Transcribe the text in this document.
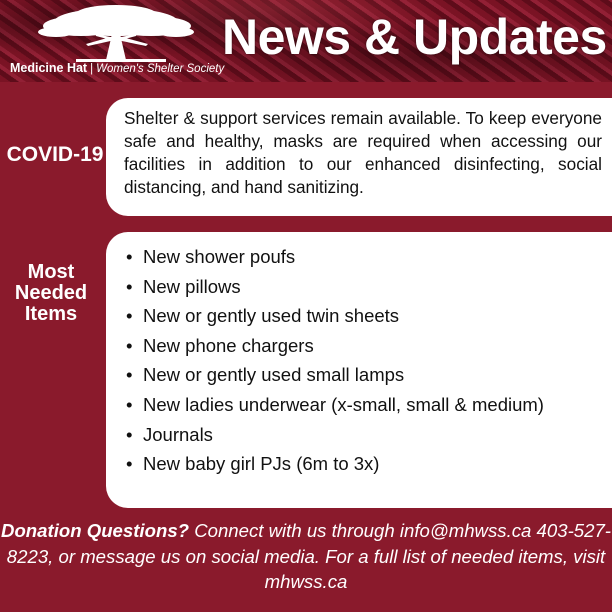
Medicine Hat | Women's Shelter Society
News & Updates
COVID-19
Shelter & support services remain available. To keep everyone safe and healthy, masks are required when accessing our facilities in addition to our enhanced disinfecting, social distancing, and hand sanitizing.
Most
Needed
Items
• New shower poufs
• New pillows
• New or gently used twin sheets
• New phone chargers
• New or gently used small lamps
• New ladies underwear (x-small, small & medium)
• Journals
• New baby girl PJs (6m to 3x)
Donation Questions? Connect with us through info@mhwss.ca 403-527-8223, or message us on social media. For a full list of needed items, visit mhwss.ca
